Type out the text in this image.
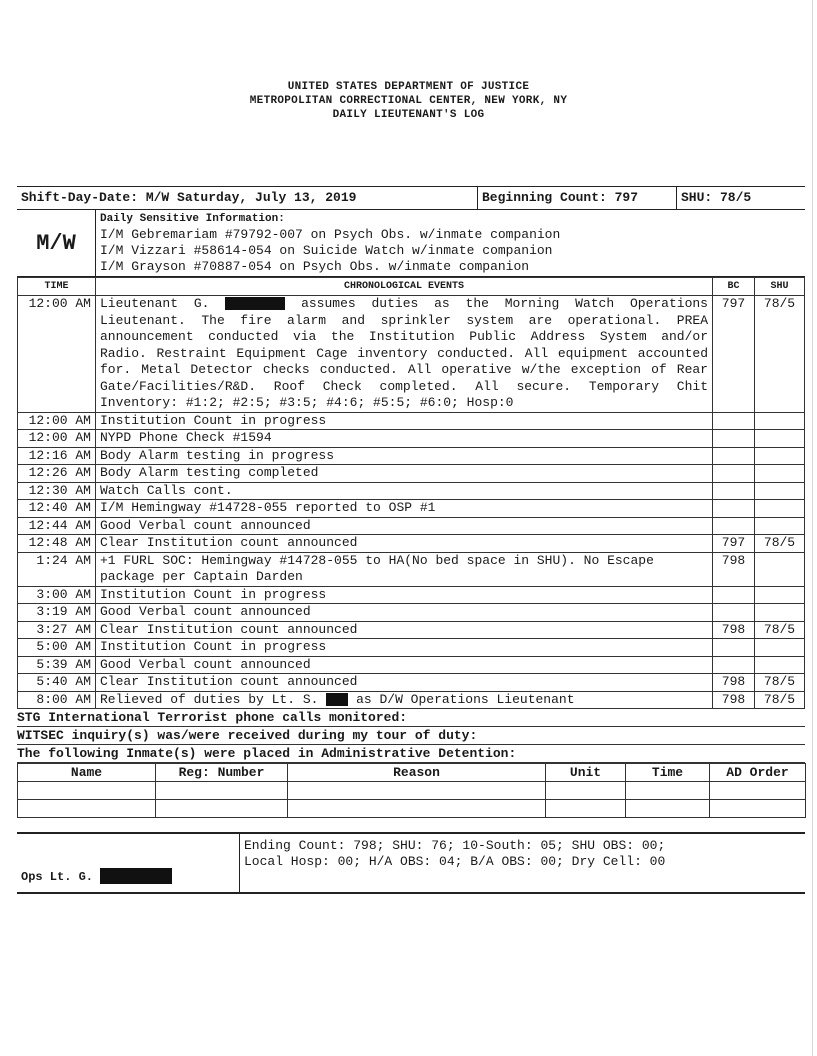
UNITED STATES DEPARTMENT OF JUSTICE
METROPOLITAN CORRECTIONAL CENTER, NEW YORK, NY
DAILY LIEUTENANT'S LOG
Shift-Day-Date: M/W Saturday, July 13, 2019	Beginning Count: 797	SHU: 78/5
M/W
Daily Sensitive Information:
I/M Gebremariam #79792-007 on Psych Obs. w/inmate companion
I/M Vizzari #58614-054 on Suicide Watch w/inmate companion
I/M Grayson #70887-054 on Psych Obs. w/inmate companion
TIME	CHRONOLOGICAL EVENTS	BC	SHU
12:00 AM	Lieutenant G. assumes duties as the Morning Watch Operations Lieutenant. The fire alarm and sprinkler system are operational. PREA announcement conducted via the Institution Public Address System and/or Radio. Restraint Equipment Cage inventory conducted. All equipment accounted for. Metal Detector checks conducted. All operative w/the exception of Rear Gate/Facilities/R&D. Roof Check completed. All secure. Temporary Chit Inventory: #1:2; #2:5; #3:5; #4:6; #5:5; #6:0; Hosp:0	797	78/5
12:00 AM	Institution Count in progress		
12:00 AM	NYPD Phone Check #1594		
12:16 AM	Body Alarm testing in progress		
12:26 AM	Body Alarm testing completed		
12:30 AM	Watch Calls cont.		
12:40 AM	I/M Hemingway #14728-055 reported to OSP #1		
12:44 AM	Good Verbal count announced		
12:48 AM	Clear Institution count announced	797	78/5
1:24 AM	+1 FURL SOC: Hemingway #14728-055 to HA(No bed space in SHU). No Escape package per Captain Darden	798	
3:00 AM	Institution Count in progress		
3:19 AM	Good Verbal count announced		
3:27 AM	Clear Institution count announced	798	78/5
5:00 AM	Institution Count in progress		
5:39 AM	Good Verbal count announced		
5:40 AM	Clear Institution count announced	798	78/5
8:00 AM	Relieved of duties by Lt. S. as D/W Operations Lieutenant	798	78/5
STG International Terrorist phone calls monitored:
WITSEC inquiry(s) was/were received during my tour of duty:
The following Inmate(s) were placed in Administrative Detention:
Name	Reg: Number	Reason	Unit	Time	AD Order

Ops Lt. G.

Ending Count: 798; SHU: 76; 10-South: 05; SHU OBS: 00;
Local Hosp: 00; H/A OBS: 04; B/A OBS: 00; Dry Cell: 00
